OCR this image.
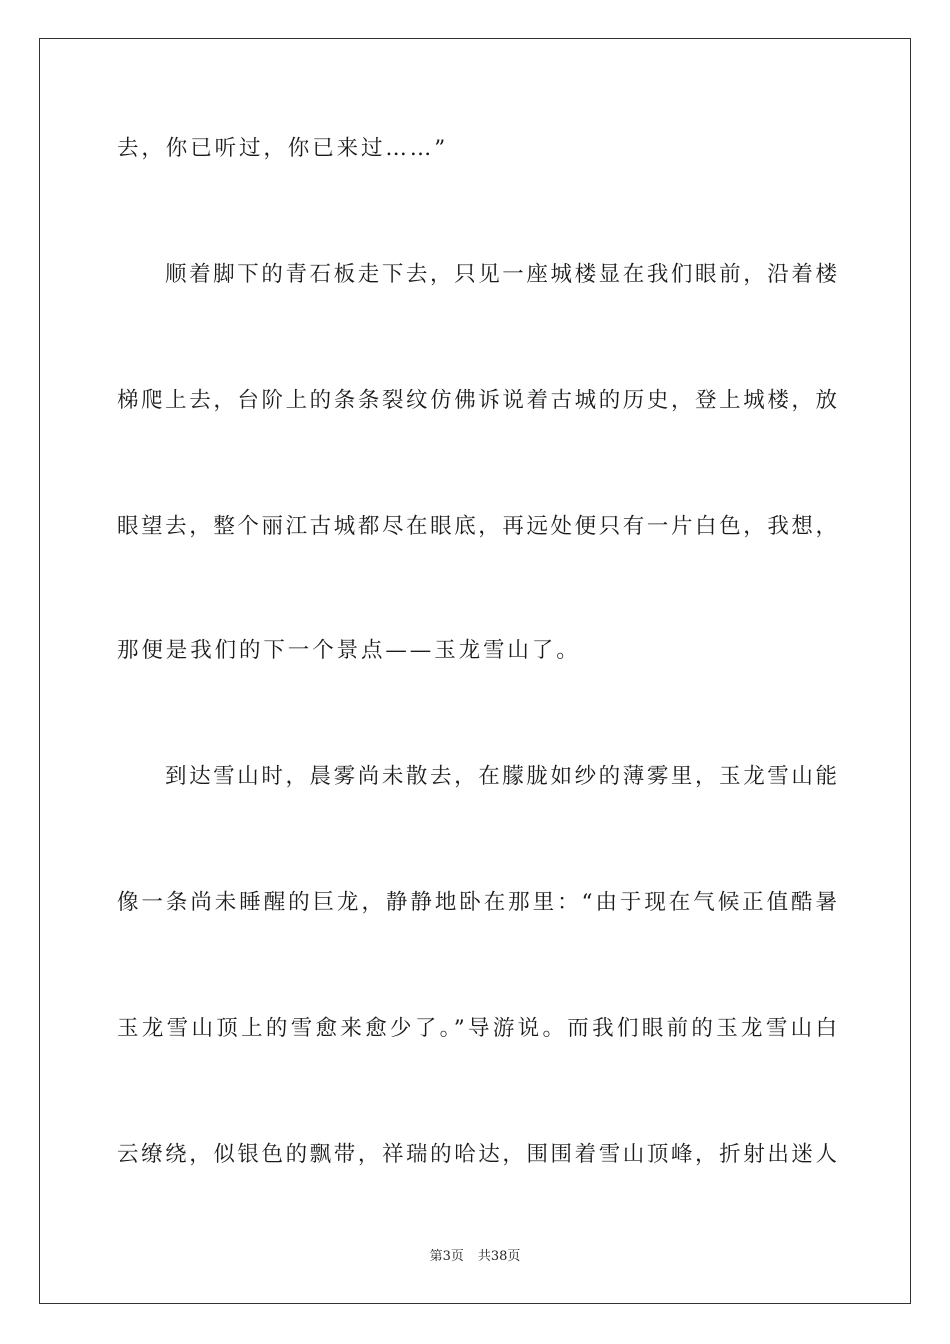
去，你已听过，你已来过……”
顺着脚下的青石板走下去，只见一座城楼显在我们眼前，沿着楼
梯爬上去，台阶上的条条裂纹仿佛诉说着古城的历史，登上城楼，放
眼望去，整个丽江古城都尽在眼底，再远处便只有一片白色，我想，
那便是我们的下一个景点——玉龙雪山了。
到达雪山时，晨雾尚未散去，在朦胧如纱的薄雾里，玉龙雪山能
像一条尚未睡醒的巨龙，静静地卧在那里：“由于现在气候正值酷暑
玉龙雪山顶上的雪愈来愈少了。”导游说。而我们眼前的玉龙雪山白
云缭绕，似银色的飘带，祥瑞的哈达，围围着雪山顶峰，折射出迷人
第3页 共38页
